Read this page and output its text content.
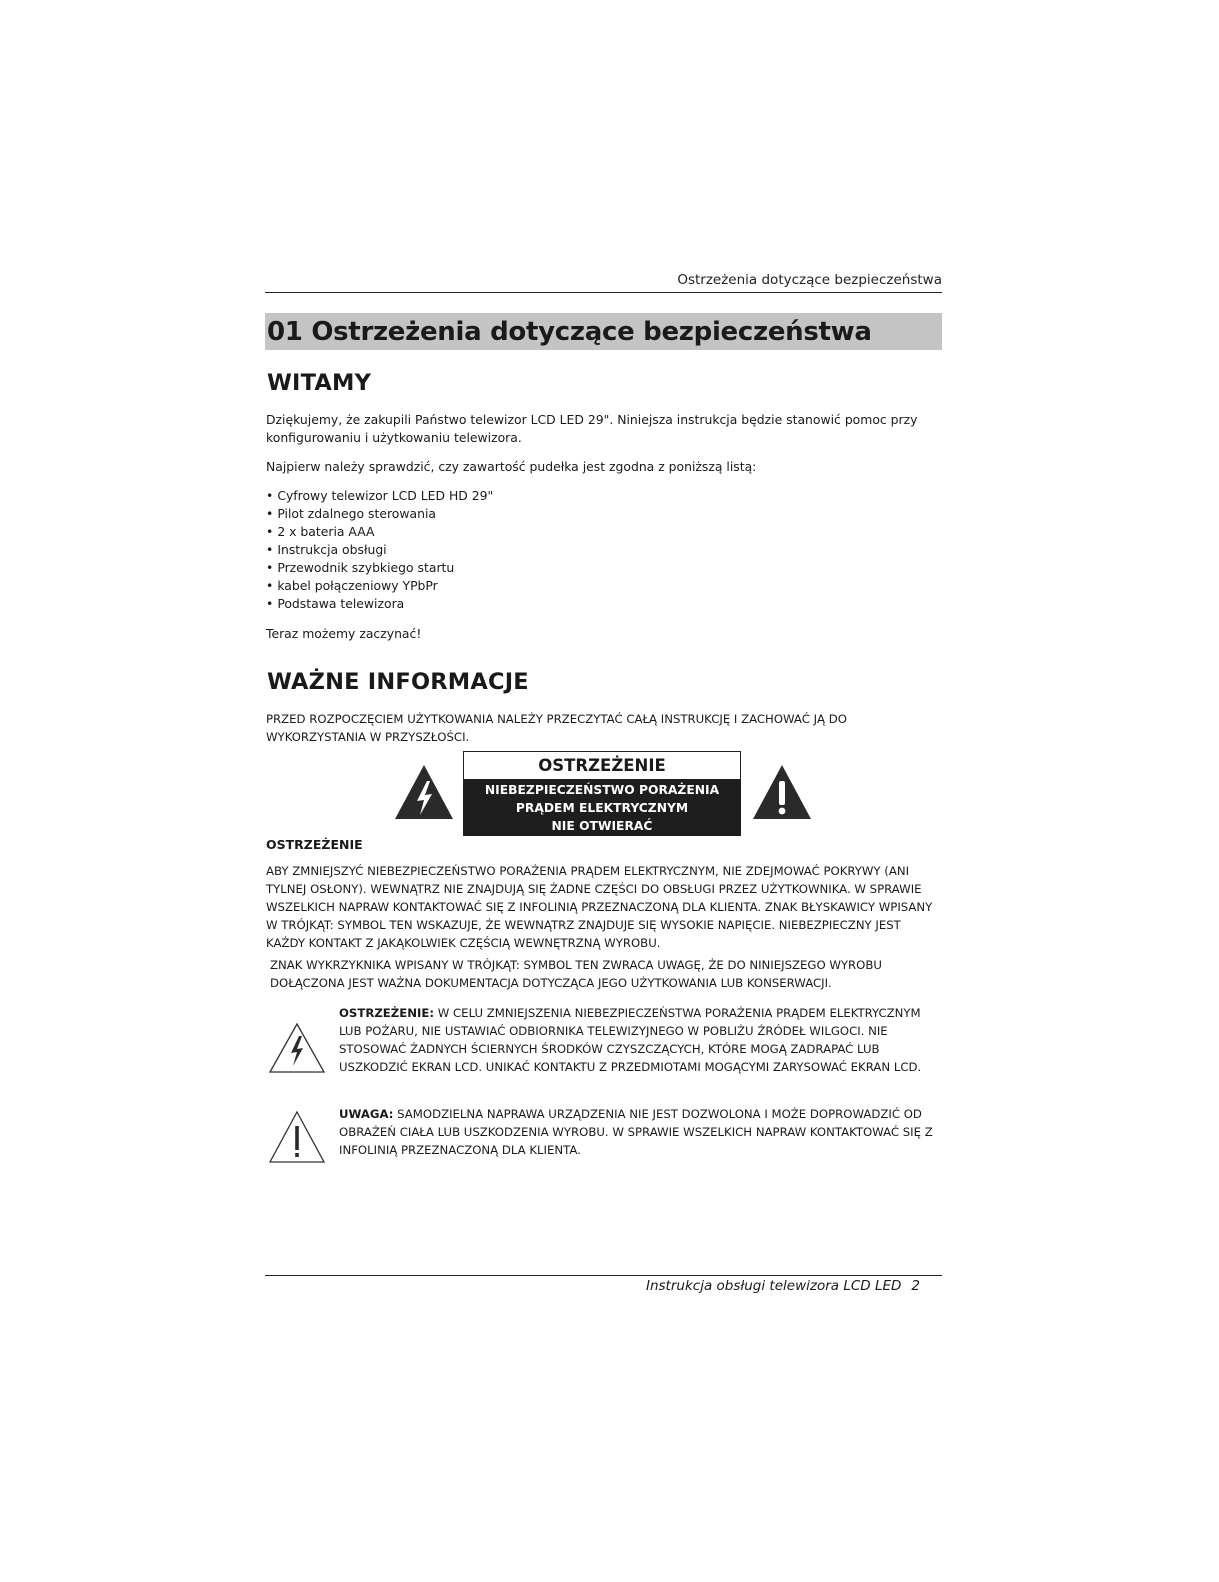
Ostrzeżenia dotyczące bezpieczeństwa
01 Ostrzeżenia dotyczące bezpieczeństwa
WITAMY
Dziękujemy, że zakupili Państwo telewizor LCD LED 29". Niniejsza instrukcja będzie stanowić pomoc przy konfigurowaniu i użytkowaniu telewizora.
Najpierw należy sprawdzić, czy zawartość pudełka jest zgodna z poniższą listą:
• Cyfrowy telewizor LCD LED HD 29"
• Pilot zdalnego sterowania
• 2 x bateria AAA
• Instrukcja obsługi
• Przewodnik szybkiego startu
• kabel połączeniowy YPbPr
• Podstawa telewizora
Teraz możemy zaczynać!
WAŻNE INFORMACJE
PRZED ROZPOCZĘCIEM UŻYTKOWANIA NALEŻY PRZECZYTAĆ CAŁĄ INSTRUKCJĘ I ZACHOWAĆ JĄ DO WYKORZYSTANIA W PRZYSZŁOŚCI.
OSTRZEŻENIE
NIEBEZPIECZEŃSTWO PORAŻENIA
PRĄDEM ELEKTRYCZNYM
NIE OTWIERAĆ
OSTRZEŻENIE
ABY ZMNIEJSZYĆ NIEBEZPIECZEŃSTWO PORAŻENIA PRĄDEM ELEKTRYCZNYM, NIE ZDEJMOWAĆ POKRYWY (ANI TYLNEJ OSŁONY). WEWNĄTRZ NIE ZNAJDUJĄ SIĘ ŻADNE CZĘŚCI DO OBSŁUGI PRZEZ UŻYTKOWNIKA. W SPRAWIE WSZELKICH NAPRAW KONTAKTOWAĆ SIĘ Z INFOLINIĄ PRZEZNACZONĄ DLA KLIENTA. ZNAK BŁYSKAWICY WPISANY W TRÓJKĄT: SYMBOL TEN WSKAZUJE, ŻE WEWNĄTRZ ZNAJDUJE SIĘ WYSOKIE NAPIĘCIE. NIEBEZPIECZNY JEST KAŻDY KONTAKT Z JAKĄKOLWIEK CZĘŚCIĄ WEWNĘTRZNĄ WYROBU.
ZNAK WYKRZYKNIKA WPISANY W TRÓJKĄT: SYMBOL TEN ZWRACA UWAGĘ, ŻE DO NINIEJSZEGO WYROBU DOŁĄCZONA JEST WAŻNA DOKUMENTACJA DOTYCZĄCA JEGO UŻYTKOWANIA LUB KONSERWACJI.
OSTRZEŻENIE: W CELU ZMNIEJSZENIA NIEBEZPIECZEŃSTWA PORAŻENIA PRĄDEM ELEKTRYCZNYM LUB POŻARU, NIE USTAWIAĆ ODBIORNIKA TELEWIZYJNEGO W POBLIŻU ŹRÓDEŁ WILGOCI. NIE STOSOWAĆ ŻADNYCH ŚCIERNYCH ŚRODKÓW CZYSZCZĄCYCH, KTÓRE MOGĄ ZADRAPAĆ LUB USZKODZIĆ EKRAN LCD. UNIKAĆ KONTAKTU Z PRZEDMIOTAMI MOGĄCYMI ZARYSOWAĆ EKRAN LCD.
UWAGA: SAMODZIELNA NAPRAWA URZĄDZENIA NIE JEST DOZWOLONA I MOŻE DOPROWADZIĆ OD OBRAŻEŃ CIAŁA LUB USZKODZENIA WYROBU. W SPRAWIE WSZELKICH NAPRAW KONTAKTOWAĆ SIĘ Z INFOLINIĄ PRZEZNACZONĄ DLA KLIENTA.
Instrukcja obsługi telewizora LCD LED 2
